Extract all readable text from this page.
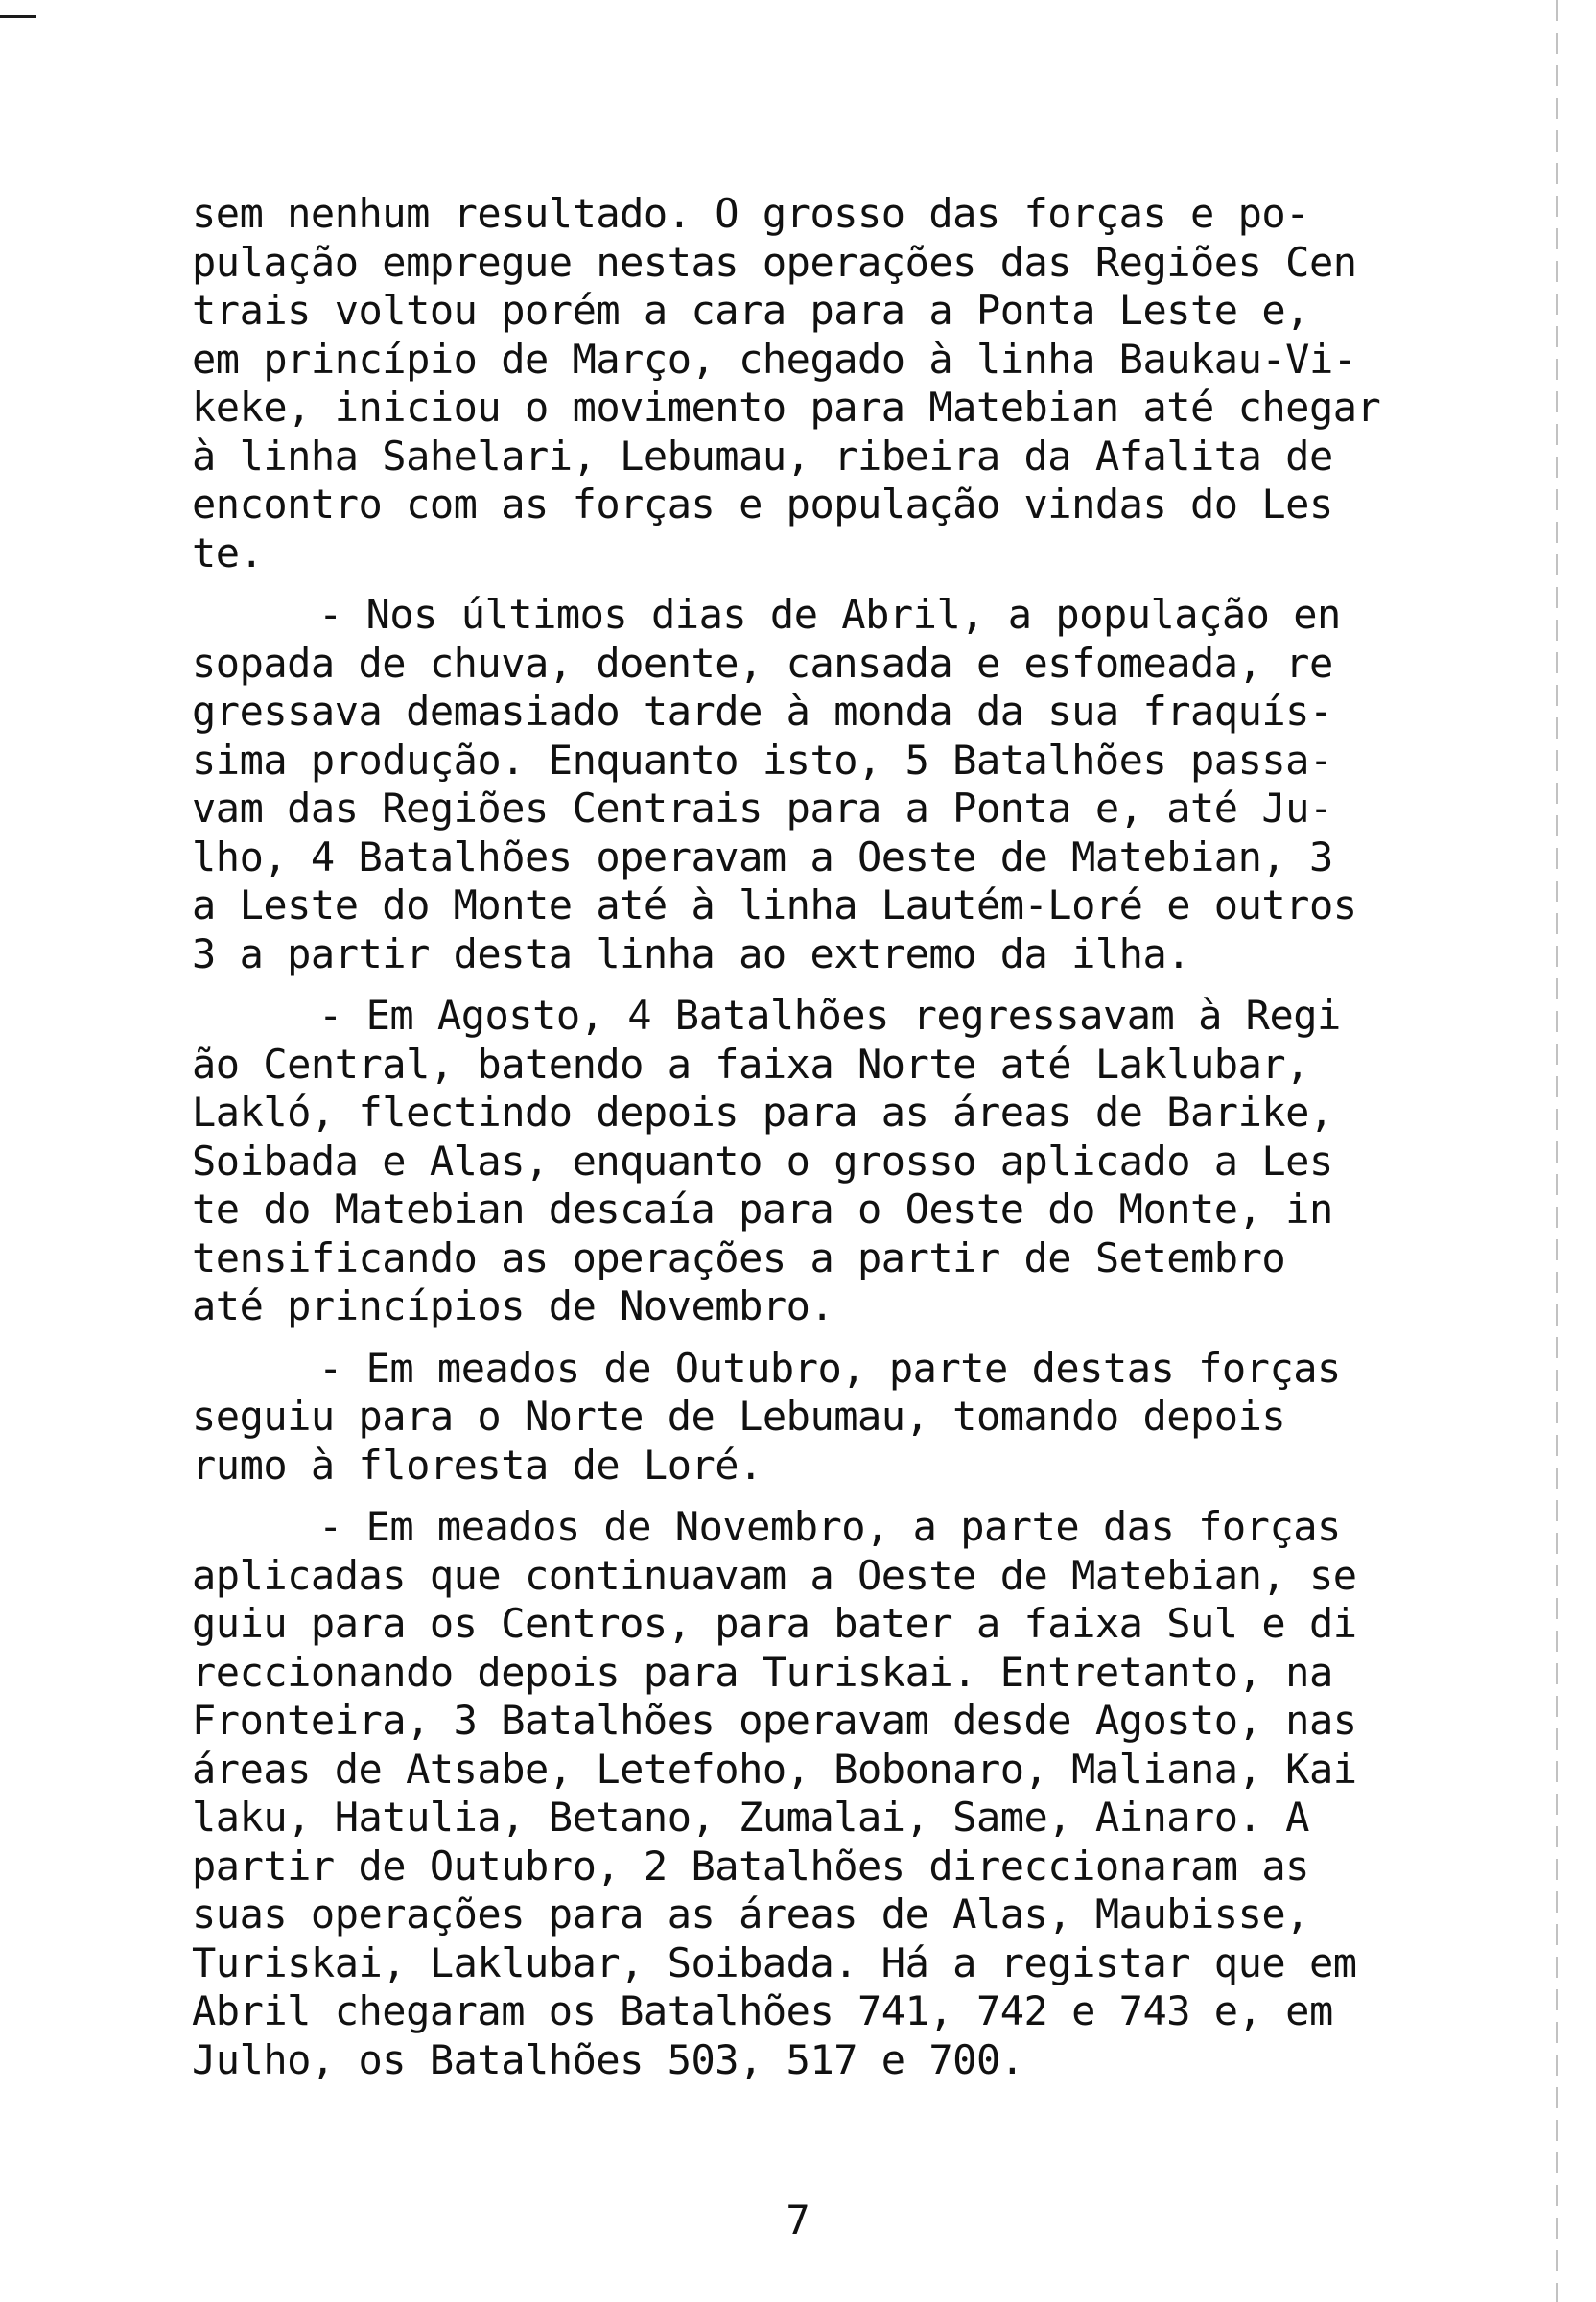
sem nenhum resultado. O grosso das forças e po-
pulação empregue nestas operações das Regiões Cen
trais voltou porém a cara para a Ponta Leste e,
em princípio de Março, chegado à linha Baukau-Vi-
keke, iniciou o movimento para Matebian até chegar
à linha Sahelari, Lebumau, ribeira da Afalita de
encontro com as forças e população vindas do Les
te.
- Nos últimos dias de Abril, a população en
sopada de chuva, doente, cansada e esfomeada, re
gressava demasiado tarde à monda da sua fraquís-
sima produção. Enquanto isto, 5 Batalhões passa-
vam das Regiões Centrais para a Ponta e, até Ju-
lho, 4 Batalhões operavam a Oeste de Matebian, 3
a Leste do Monte até à linha Lautém-Loré e outros
3 a partir desta linha ao extremo da ilha.
- Em Agosto, 4 Batalhões regressavam à Regi
ão Central, batendo a faixa Norte até Laklubar,
Lakló, flectindo depois para as áreas de Barike,
Soibada e Alas, enquanto o grosso aplicado a Les
te do Matebian descaía para o Oeste do Monte, in
tensificando as operações a partir de Setembro
até princípios de Novembro.
- Em meados de Outubro, parte destas forças
seguiu para o Norte de Lebumau, tomando depois
rumo à floresta de Loré.
- Em meados de Novembro, a parte das forças
aplicadas que continuavam a Oeste de Matebian, se
guiu para os Centros, para bater a faixa Sul e di
reccionando depois para Turiskai. Entretanto, na
Fronteira, 3 Batalhões operavam desde Agosto, nas
áreas de Atsabe, Letefoho, Bobonaro, Maliana, Kai
laku, Hatulia, Betano, Zumalai, Same, Ainaro. A
partir de Outubro, 2 Batalhões direccionaram as
suas operações para as áreas de Alas, Maubisse,
Turiskai, Laklubar, Soibada. Há a registar que em
Abril chegaram os Batalhões 741, 742 e 743 e, em
Julho, os Batalhões 503, 517 e 700.
7
